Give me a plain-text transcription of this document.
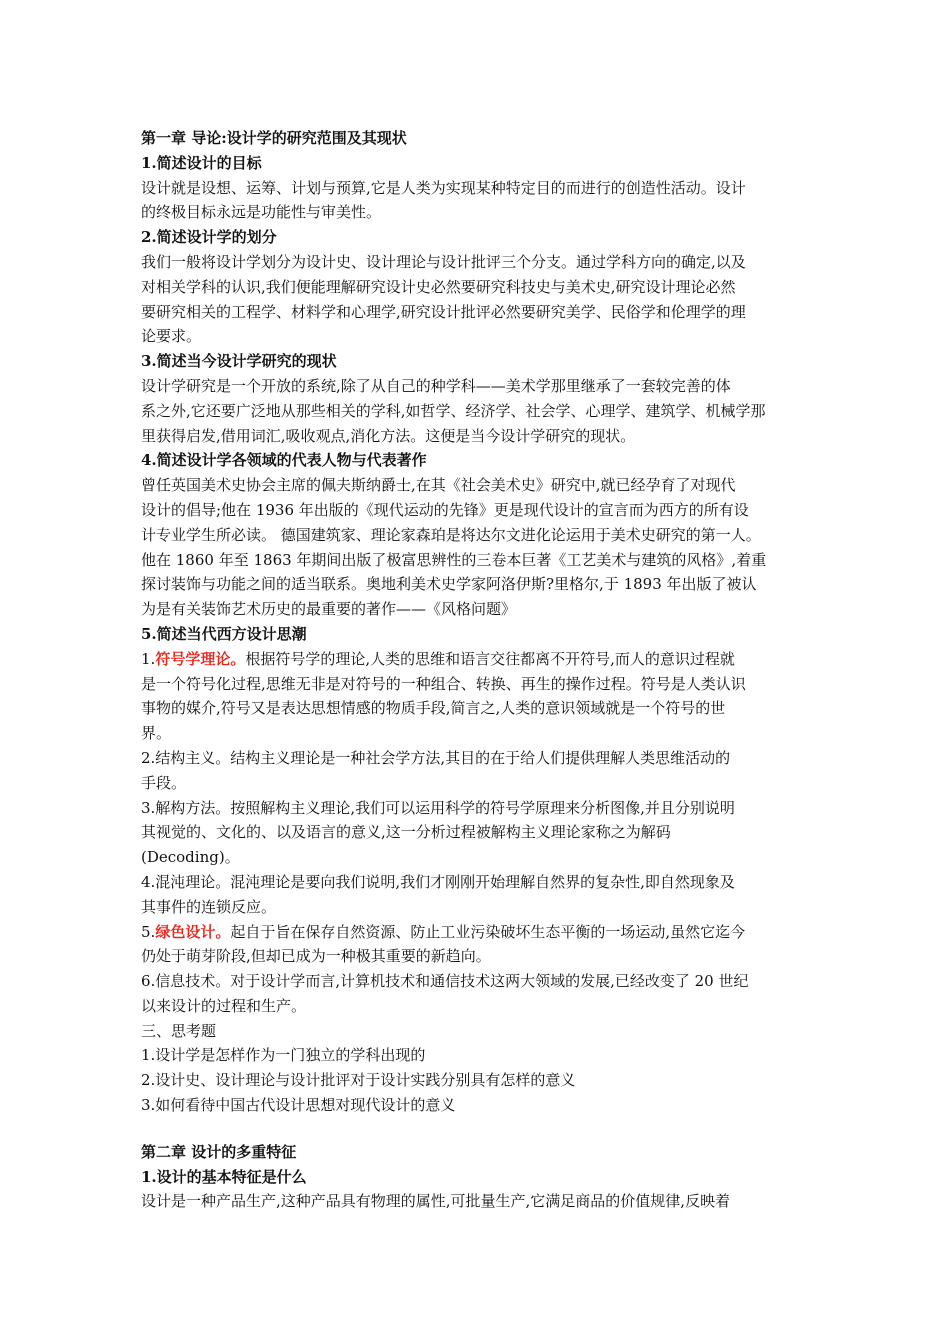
第一章 导论:设计学的研究范围及其现状
1.简述设计的目标
设计就是设想、运筹、计划与预算,它是人类为实现某种特定目的而进行的创造性活动。设计
的终极目标永远是功能性与审美性。
2.简述设计学的划分
我们一般将设计学划分为设计史、设计理论与设计批评三个分支。通过学科方向的确定,以及
对相关学科的认识,我们便能理解研究设计史必然要研究科技史与美术史,研究设计理论必然
要研究相关的工程学、材料学和心理学,研究设计批评必然要研究美学、民俗学和伦理学的理
论要求。
3.简述当今设计学研究的现状
设计学研究是一个开放的系统,除了从自己的种学科——美术学那里继承了一套较完善的体
系之外,它还要广泛地从那些相关的学科,如哲学、经济学、社会学、心理学、建筑学、机械学那
里获得启发,借用词汇,吸收观点,消化方法。这便是当今设计学研究的现状。
4.简述设计学各领域的代表人物与代表著作
曾任英国美术史协会主席的佩夫斯纳爵士,在其《社会美术史》研究中,就已经孕育了对现代
设计的倡导;他在 1936 年出版的《现代运动的先锋》更是现代设计的宣言而为西方的所有设
计专业学生所必读。 德国建筑家、理论家森珀是将达尔文进化论运用于美术史研究的第一人。
他在 1860 年至 1863 年期间出版了极富思辨性的三卷本巨著《工艺美术与建筑的风格》,着重
探讨装饰与功能之间的适当联系。奥地利美术史学家阿洛伊斯?里格尔,于 1893 年出版了被认
为是有关装饰艺术历史的最重要的著作——《风格问题》
5.简述当代西方设计思潮
1.符号学理论。根据符号学的理论,人类的思维和语言交往都离不开符号,而人的意识过程就
是一个符号化过程,思维无非是对符号的一种组合、转换、再生的操作过程。符号是人类认识
事物的媒介,符号又是表达思想情感的物质手段,简言之,人类的意识领域就是一个符号的世
界。
2.结构主义。结构主义理论是一种社会学方法,其目的在于给人们提供理解人类思维活动的
手段。
3.解构方法。按照解构主义理论,我们可以运用科学的符号学原理来分析图像,并且分别说明
其视觉的、文化的、以及语言的意义,这一分析过程被解构主义理论家称之为解码
(Decoding)。
4.混沌理论。混沌理论是要向我们说明,我们才刚刚开始理解自然界的复杂性,即自然现象及
其事件的连锁反应。
5.绿色设计。起自于旨在保存自然资源、防止工业污染破坏生态平衡的一场运动,虽然它迄今
仍处于萌芽阶段,但却已成为一种极其重要的新趋向。
6.信息技术。对于设计学而言,计算机技术和通信技术这两大领域的发展,已经改变了 20 世纪
以来设计的过程和生产。
三、思考题
1.设计学是怎样作为一门独立的学科出现的
2.设计史、设计理论与设计批评对于设计实践分别具有怎样的意义
3.如何看待中国古代设计思想对现代设计的意义
第二章 设计的多重特征
1.设计的基本特征是什么
设计是一种产品生产,这种产品具有物理的属性,可批量生产,它满足商品的价值规律,反映着
